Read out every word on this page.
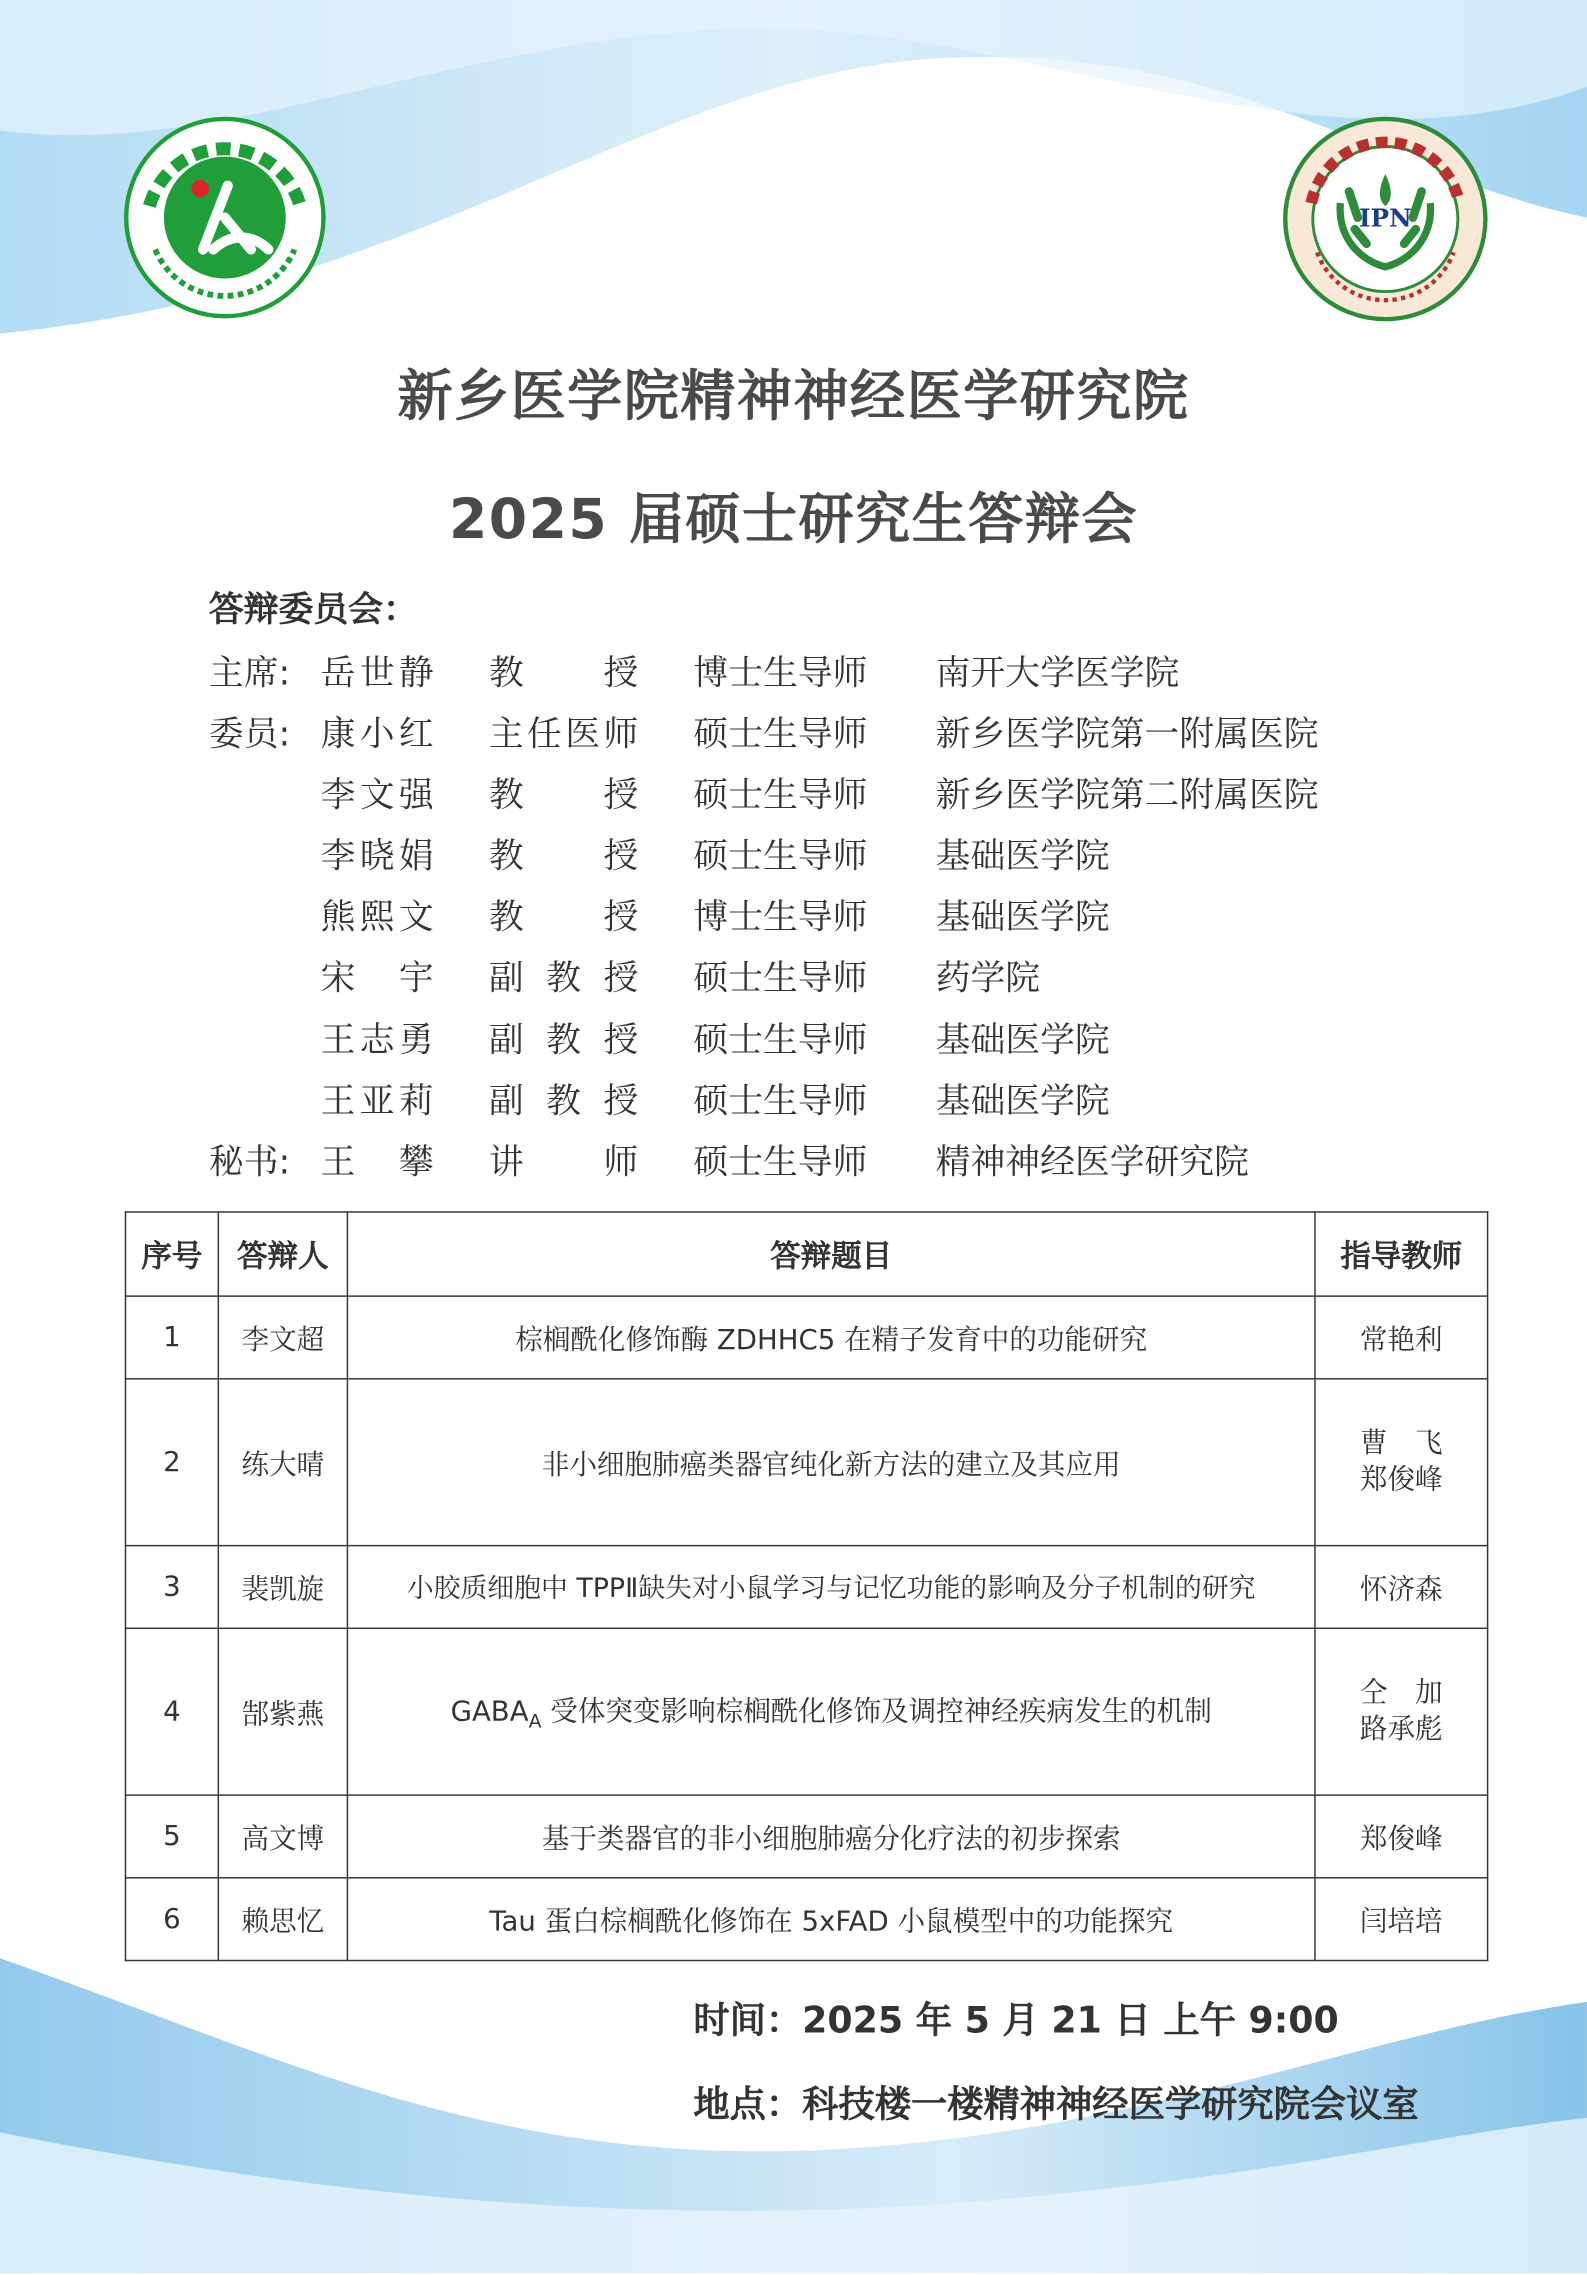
IPN
新乡医学院精神神经医学研究院
2025 届硕士研究生答辩会
答辩委员会：
主席: 岳世静 教　授 博士生导师	南开大学医学院
委员: 康小红 主任医师 硕士生导师	新乡医学院第一附属医院
李文强 教　授 硕士生导师	新乡医学院第二附属医院
李晓娟 教　授 硕士生导师	基础医学院
熊熙文 教　授 博士生导师	基础医学院
宋　宇 副教授 硕士生导师	药学院
王志勇 副教授 硕士生导师	基础医学院
王亚莉 副教授 硕士生导师	基础医学院
秘书: 王　攀 讲　师 硕士生导师	精神神经医学研究院
序号	答辩人	答辩题目	指导教师
1	李文超	棕榈酰化修饰酶 ZDHHC5 在精子发育中的功能研究	常艳利
2	练大晴	非小细胞肺癌类器官纯化新方法的建立及其应用	曹　飞
郑俊峰

3	裴凯旋	小胶质细胞中 TPPⅡ缺失对小鼠学习与记忆功能的影响及分子机制的研究	怀济森
4	郜紫燕	$GABA_A$ 受体突变影响棕榈酰化修饰及调控神经疾病发生的机制	仝　加
路承彪

5	高文博	基于类器官的非小细胞肺癌分化疗法的初步探索	郑俊峰
6	赖思忆	Tau 蛋白棕榈酰化修饰在 5xFAD 小鼠模型中的功能探究	闫培培
时间：2025 年 5 月 21 日 上午 9:00
地点：科技楼一楼精神神经医学研究院会议室
